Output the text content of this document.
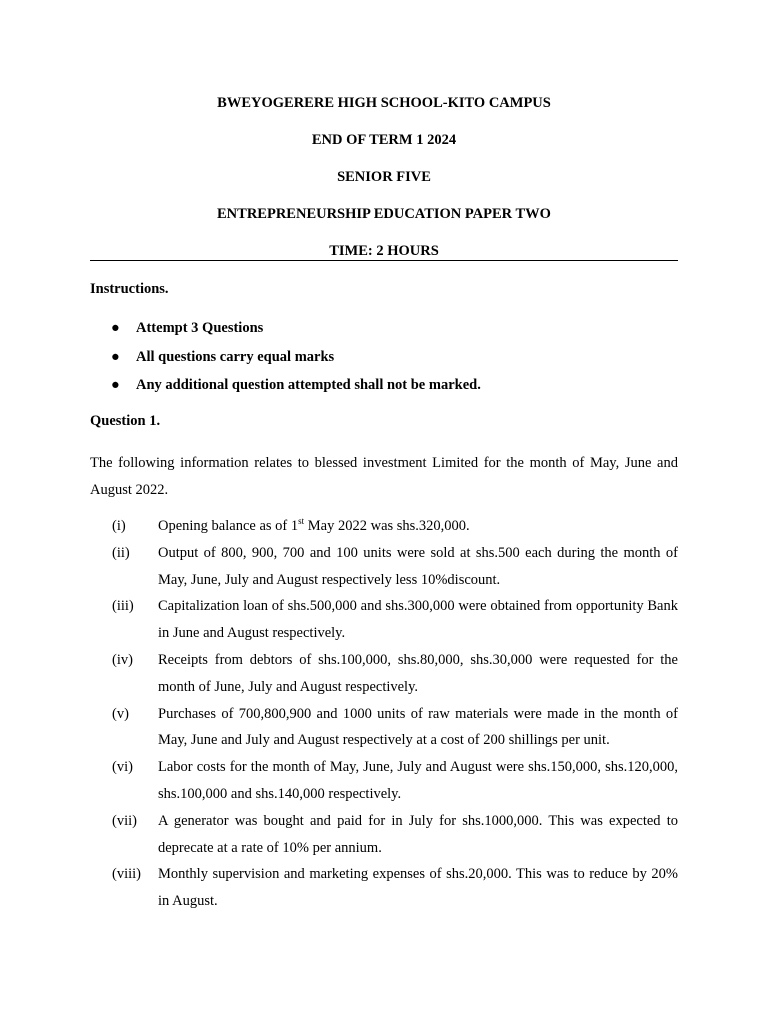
BWEYOGERERE HIGH SCHOOL-KITO CAMPUS
END OF TERM 1 2024
SENIOR FIVE
ENTREPRENEURSHIP EDUCATION PAPER TWO
TIME: 2 HOURS
Instructions.
● Attempt 3 Questions
● All questions carry equal marks
● Any additional question attempted shall not be marked.
Question 1.
The following information relates to blessed investment Limited for the month of May, June and August 2022.
(i) Opening balance as of 1st May 2022 was shs.320,000.
(ii) Output of 800, 900, 700 and 100 units were sold at shs.500 each during the month of May, June, July and August respectively less 10%discount.
(iii) Capitalization loan of shs.500,000 and shs.300,000 were obtained from opportunity Bank in June and August respectively.
(iv) Receipts from debtors of shs.100,000, shs.80,000, shs.30,000 were requested for the month of June, July and August respectively.
(v) Purchases of 700,800,900 and 1000 units of raw materials were made in the month of May, June and July and August respectively at a cost of 200 shillings per unit.
(vi) Labor costs for the month of May, June, July and August were shs.150,000, shs.120,000, shs.100,000 and shs.140,000 respectively.
(vii) A generator was bought and paid for in July for shs.1000,000. This was expected to deprecate at a rate of 10% per annium.
(viii) Monthly supervision and marketing expenses of shs.20,000. This was to reduce by 20% in August.
